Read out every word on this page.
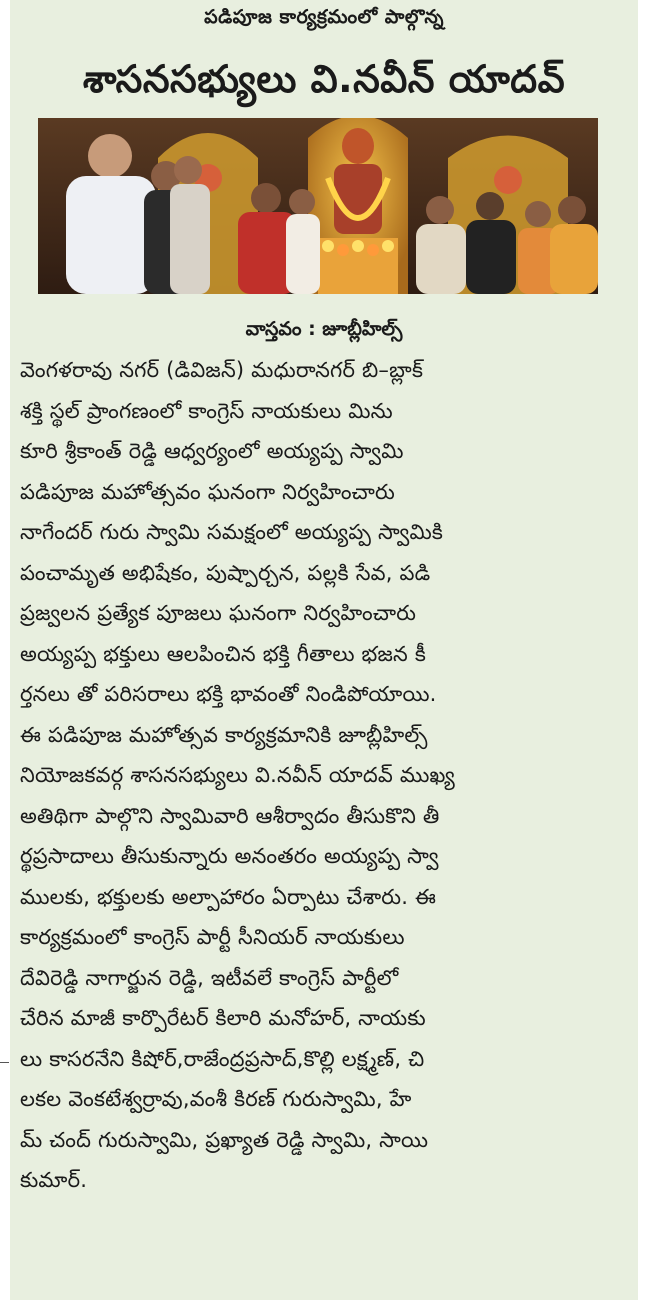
పడిపూజ కార్యక్రమంలో పాల్గొన్న
శాసనసభ్యులు వి.నవీన్ యాదవ్
వాస్తవం : జూబ్లీహిల్స్
వెంగళరావు నగర్ (డివిజన్) మధురానగర్ బి–బ్లాక్
శక్తి స్థల్ ప్రాంగణంలో కాంగ్రెస్ నాయకులు మిను
కూరి శ్రీకాంత్ రెడ్డి ఆధ్వర్యంలో అయ్యప్ప స్వామి
పడిపూజ మహోత్సవం ఘనంగా నిర్వహించారు
నాగేందర్ గురు స్వామి సమక్షంలో అయ్యప్ప స్వామికి
పంచామృత అభిషేకం, పుష్పార్చన, పల్లకి సేవ, పడి
ప్రజ్వలన ప్రత్యేక పూజలు ఘనంగా నిర్వహించారు
అయ్యప్ప భక్తులు ఆలపించిన భక్తి గీతాలు భజన కీ
ర్తనలు తో పరిసరాలు భక్తి భావంతో నిండిపోయాయి.
ఈ పడిపూజ మహోత్సవ కార్యక్రమానికి జూబ్లీహిల్స్
నియోజకవర్గ శాసనసభ్యులు వి.నవీన్ యాదవ్ ముఖ్య
అతిథిగా పాల్గొని స్వామివారి ఆశీర్వాదం తీసుకొని తీ
ర్థప్రసాదాలు తీసుకున్నారు అనంతరం అయ్యప్ప స్వా
ములకు, భక్తులకు అల్పాహారం ఏర్పాటు చేశారు. ఈ
కార్యక్రమంలో కాంగ్రెస్ పార్టీ సీనియర్ నాయకులు
దేవిరెడ్డి నాగార్జున రెడ్డి, ఇటీవలే కాంగ్రెస్ పార్టీలో
చేరిన మాజీ కార్పొరేటర్ కిలారి మనోహర్, నాయకు
లు కాసరనేని కిషోర్,రాజేంద్రప్రసాద్,కొల్లి లక్ష్మణ్, చి
లకల వెంకటేశ్వర్రావు,వంశీ కిరణ్ గురుస్వామి, హే
మ్ చంద్ గురుస్వామి, ప్రఖ్యాత రెడ్డి స్వామి, సాయి
కుమార్.
